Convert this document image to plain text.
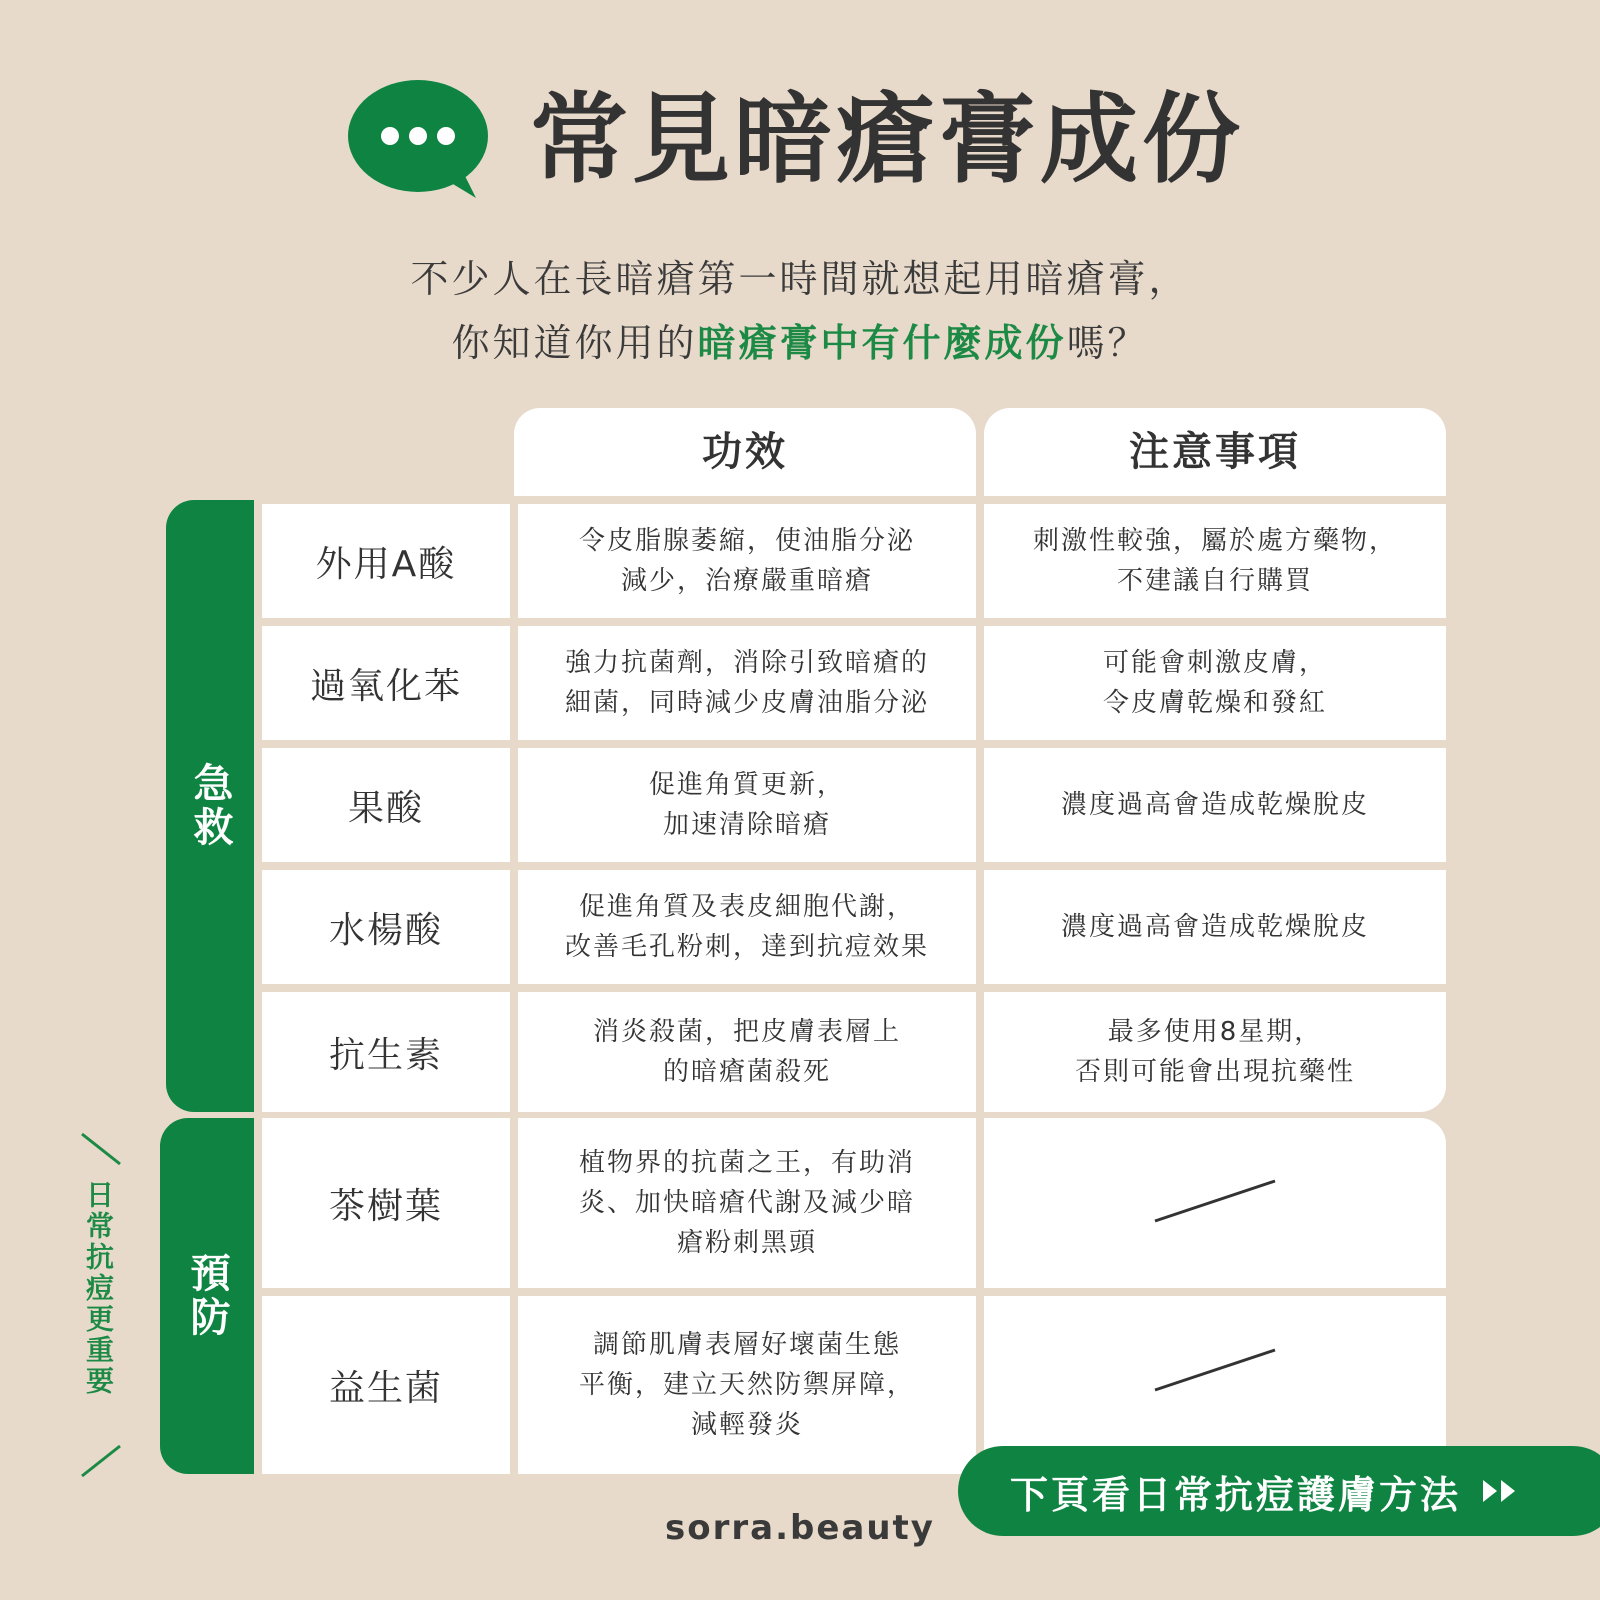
常見暗瘡膏成份
不少人在長暗瘡第一時間就想起用暗瘡膏，
你知道你用的暗瘡膏中有什麼成份嗎？
功效	注意事項
急救
預防
日常抗痘更重要
外用A酸
令皮脂腺萎縮，使油脂分泌
減少，治療嚴重暗瘡
刺激性較強，屬於處方藥物，
不建議自行購買
過氧化苯
強力抗菌劑，消除引致暗瘡的
細菌，同時減少皮膚油脂分泌
可能會刺激皮膚，
令皮膚乾燥和發紅
果酸
促進角質更新，
加速清除暗瘡
濃度過高會造成乾燥脫皮
水楊酸
促進角質及表皮細胞代謝，
改善毛孔粉刺，達到抗痘效果
濃度過高會造成乾燥脫皮
抗生素
消炎殺菌，把皮膚表層上
的暗瘡菌殺死
最多使用8星期，
否則可能會出現抗藥性
茶樹葉
植物界的抗菌之王，有助消
炎、加快暗瘡代謝及減少暗
瘡粉刺黑頭
益生菌
調節肌膚表層好壞菌生態
平衡，建立天然防禦屏障，
減輕發炎
下頁看日常抗痘護膚方法
sorra.beauty
